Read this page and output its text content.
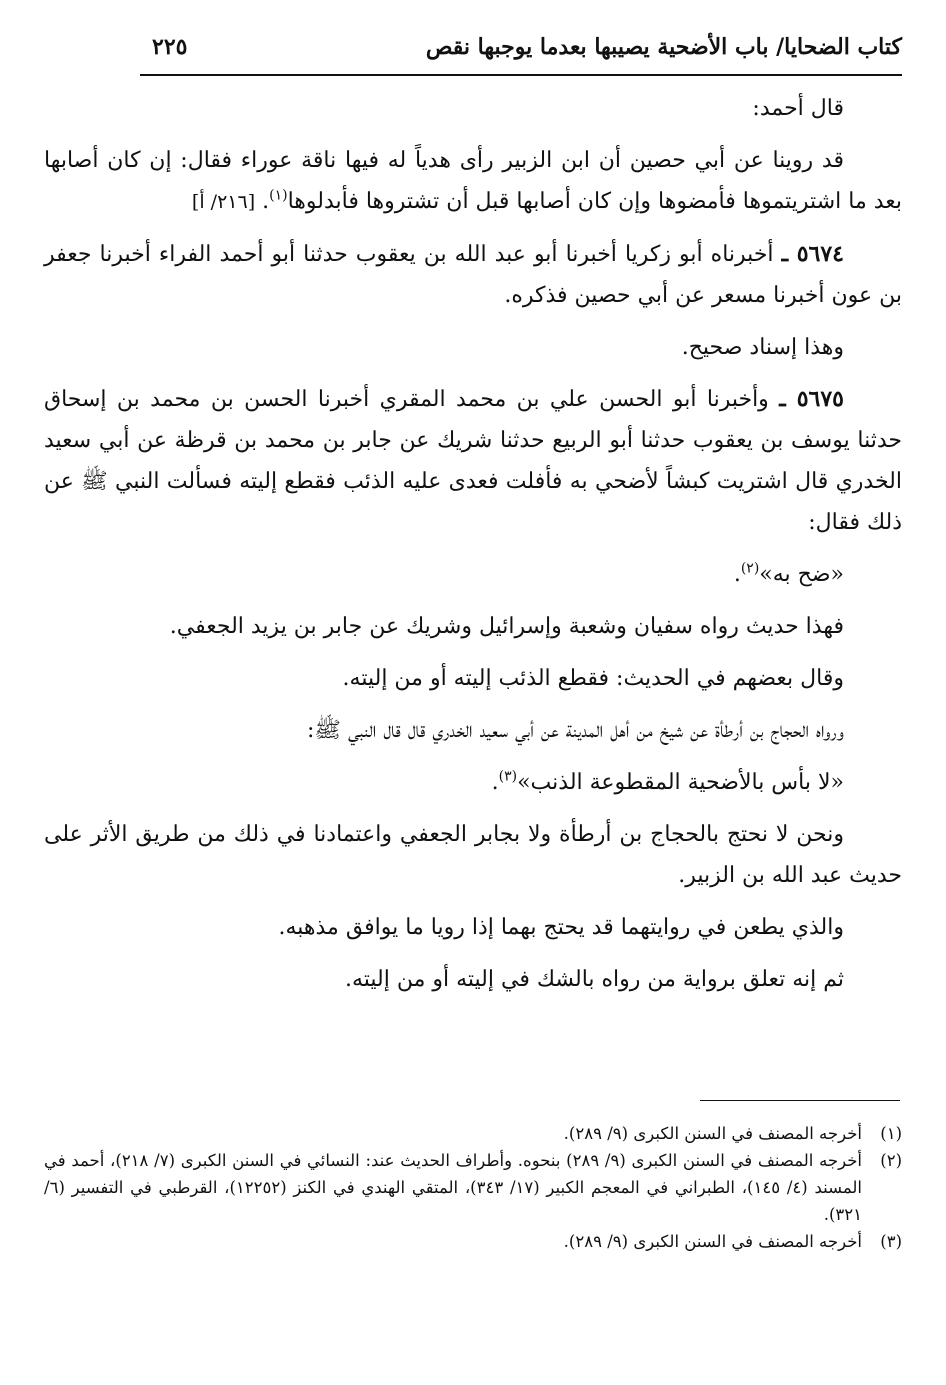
كتاب الضحايا/ باب الأضحية يصيبها بعدما يوجبها نقص
٢٢٥

قال أحمد:

قد روينا عن أبي حصين أن ابن الزبير رأى هدياً له فيها ناقة عوراء فقال: إن كان أصابها بعد ما اشتريتموها فأمضوها وإن كان أصابها قبل أن تشتروها فأبدلوها$^{(١)}$. [٢١٦/ أ]

٥٦٧٤ ـ أخبرناه أبو زكريا أخبرنا أبو عبد الله بن يعقوب حدثنا أبو أحمد الفراء أخبرنا جعفر بن عون أخبرنا مسعر عن أبي حصين فذكره.

وهذا إسناد صحيح.

٥٦٧٥ ـ وأخبرنا أبو الحسن علي بن محمد المقري أخبرنا الحسن بن محمد بن إسحاق حدثنا يوسف بن يعقوب حدثنا أبو الربيع حدثنا شريك عن جابر بن محمد بن قرظة عن أبي سعيد الخدري قال اشتريت كبشاً لأضحي به فأفلت فعدى عليه الذئب فقطع إليته فسألت النبي ﷺ عن ذلك فقال:

«ضح به»$^{(٢)}$.

فهذا حديث رواه سفيان وشعبة وإسرائيل وشريك عن جابر بن يزيد الجعفي.

وقال بعضهم في الحديث: فقطع الذئب إليته أو من إليته.

ورواه الحجاج بن أرطأة عن شيخ من أهل المدينة عن أبي سعيد الخدري قال قال النبي ﷺ:

«لا بأس بالأضحية المقطوعة الذنب»$^{(٣)}$.

ونحن لا نحتج بالحجاج بن أرطأة ولا بجابر الجعفي واعتمادنا في ذلك من طريق الأثر على حديث عبد الله بن الزبير.

والذي يطعن في روايتهما قد يحتج بهما إذا رويا ما يوافق مذهبه.

ثم إنه تعلق برواية من رواه بالشك في إليته أو من إليته.

(١)
أخرجه المصنف في السنن الكبرى (٩/ ٢٨٩).

(٢)
أخرجه المصنف في السنن الكبرى (٩/ ٢٨٩) بنحوه. وأطراف الحديث عند: النسائي في السنن الكبرى (٧/ ٢١٨)، أحمد في المسند (٤/ ١٤٥)، الطبراني في المعجم الكبير (١٧/ ٣٤٣)، المتقي الهندي في الكنز (١٢٢٥٢)، القرطبي في التفسير (٦/ ٣٢١).

(٣)
أخرجه المصنف في السنن الكبرى (٩/ ٢٨٩).
